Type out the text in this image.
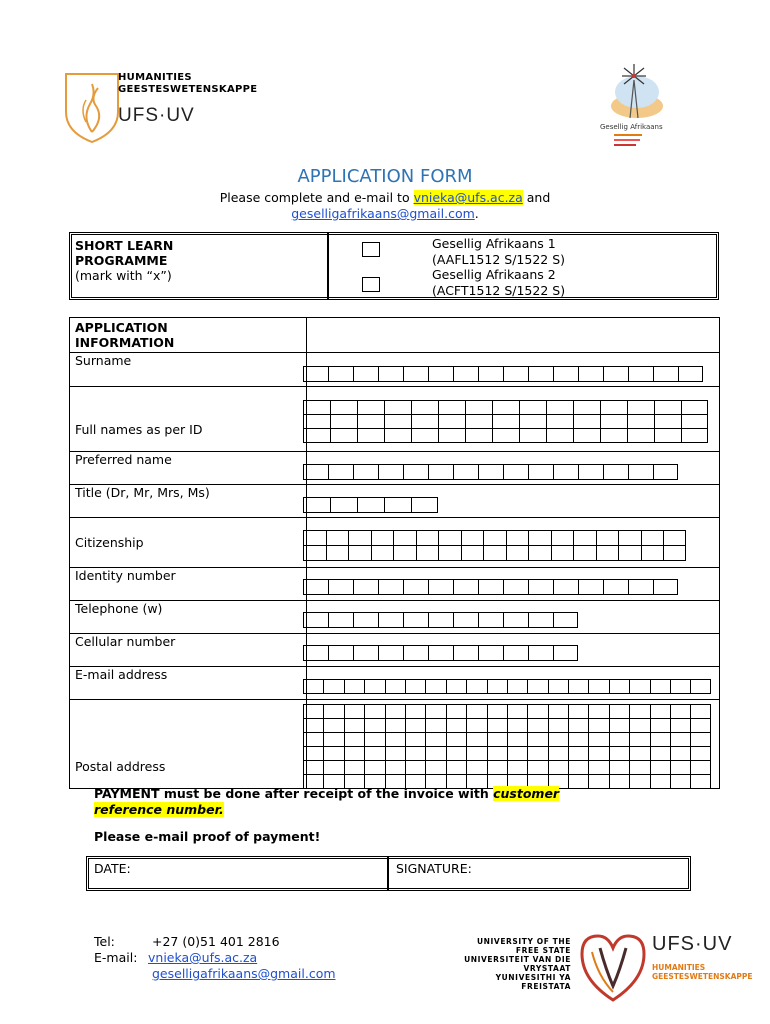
HUMANITIES
GEESTESWETENSKAPPE
UFS·UV
Gesellig Afrikaans
APPLICATION FORM
Please complete and e-mail to vnieka@ufs.ac.za and
geselligafrikaans@gmail.com.
SHORT LEARN
PROGRAMME
(mark with “x”)
Gesellig Afrikaans 1
(AAFL1512 S/1522 S)
Gesellig Afrikaans 2
(ACFT1512 S/1522 S)
APPLICATION
INFORMATION	

Surname	
Full names as per ID	
Preferred name	
Title (Dr, Mr, Mrs, Ms)	
Citizenship	
Identity number	
Telephone (w)	
Cellular number	
E-mail address	
Postal address	
PAYMENT must be done after receipt of the invoice with customer
reference number.
Please e-mail proof of payment!
DATE:	SIGNATURE:
Tel:	+27 (0)51 401 2816
E-mail: vnieka@ufs.ac.za
geselligafrikaans@gmail.com
UNIVERSITY OF THE
FREE STATE
UNIVERSITEIT VAN DIE
VRYSTAAT
YUNIVESITHI YA
FREISTATA
UFS·UV
HUMANITIES
GEESTESWETENSKAPPE
